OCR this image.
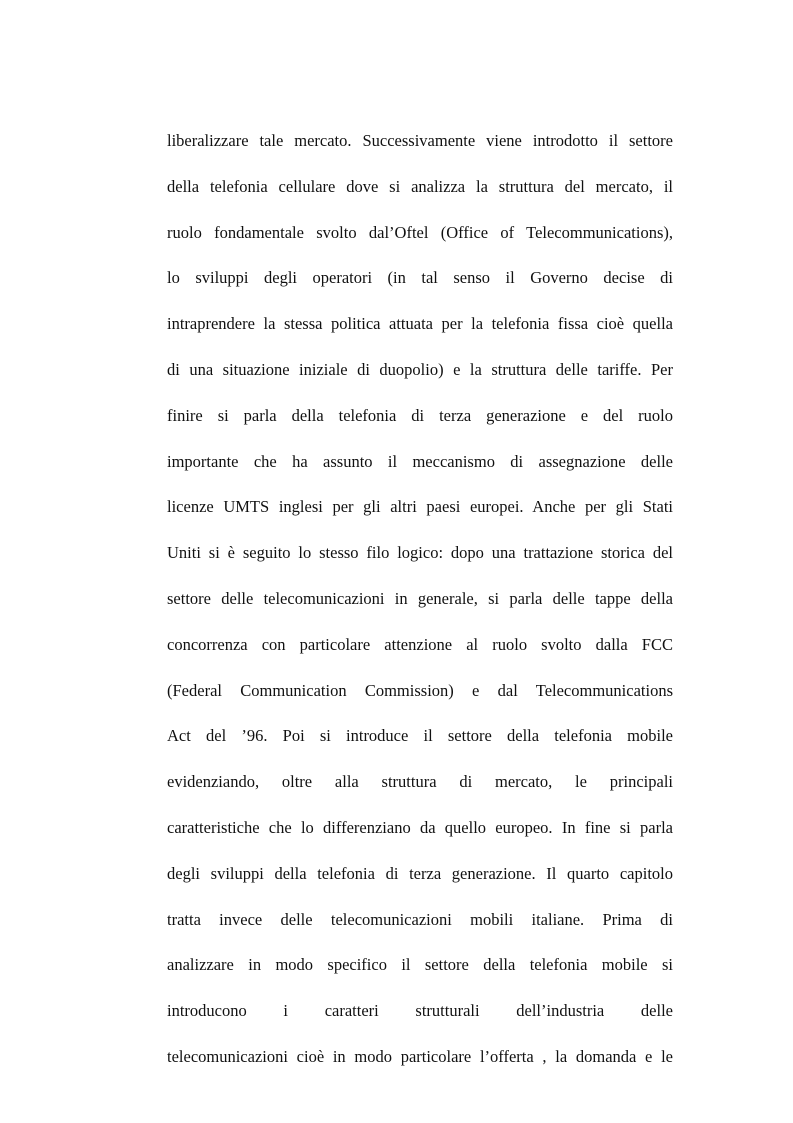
liberalizzare tale mercato. Successivamente viene introdotto il settore
della telefonia cellulare dove si analizza la struttura del mercato, il
ruolo fondamentale svolto dal’Oftel (Office of Telecommunications),
lo sviluppi degli operatori (in tal senso il Governo decise di
intraprendere la stessa politica attuata per la telefonia fissa cioè quella
di una situazione iniziale di duopolio) e la struttura delle tariffe. Per
finire si parla della telefonia di terza generazione e del ruolo
importante che ha assunto il meccanismo di assegnazione delle
licenze UMTS inglesi per gli altri paesi europei. Anche per gli Stati
Uniti si è seguito lo stesso filo logico: dopo una trattazione storica del
settore delle telecomunicazioni in generale, si parla delle tappe della
concorrenza con particolare attenzione al ruolo svolto dalla FCC
(Federal Communication Commission) e dal Telecommunications
Act del ’96. Poi si introduce il settore della telefonia mobile
evidenziando, oltre alla struttura di mercato, le principali
caratteristiche che lo differenziano da quello europeo. In fine si parla
degli sviluppi della telefonia di terza generazione. Il quarto capitolo
tratta invece delle telecomunicazioni mobili italiane. Prima di
analizzare in modo specifico il settore della telefonia mobile si
introducono i caratteri strutturali dell’industria delle
telecomunicazioni cioè in modo particolare l’offerta , la domanda e le
